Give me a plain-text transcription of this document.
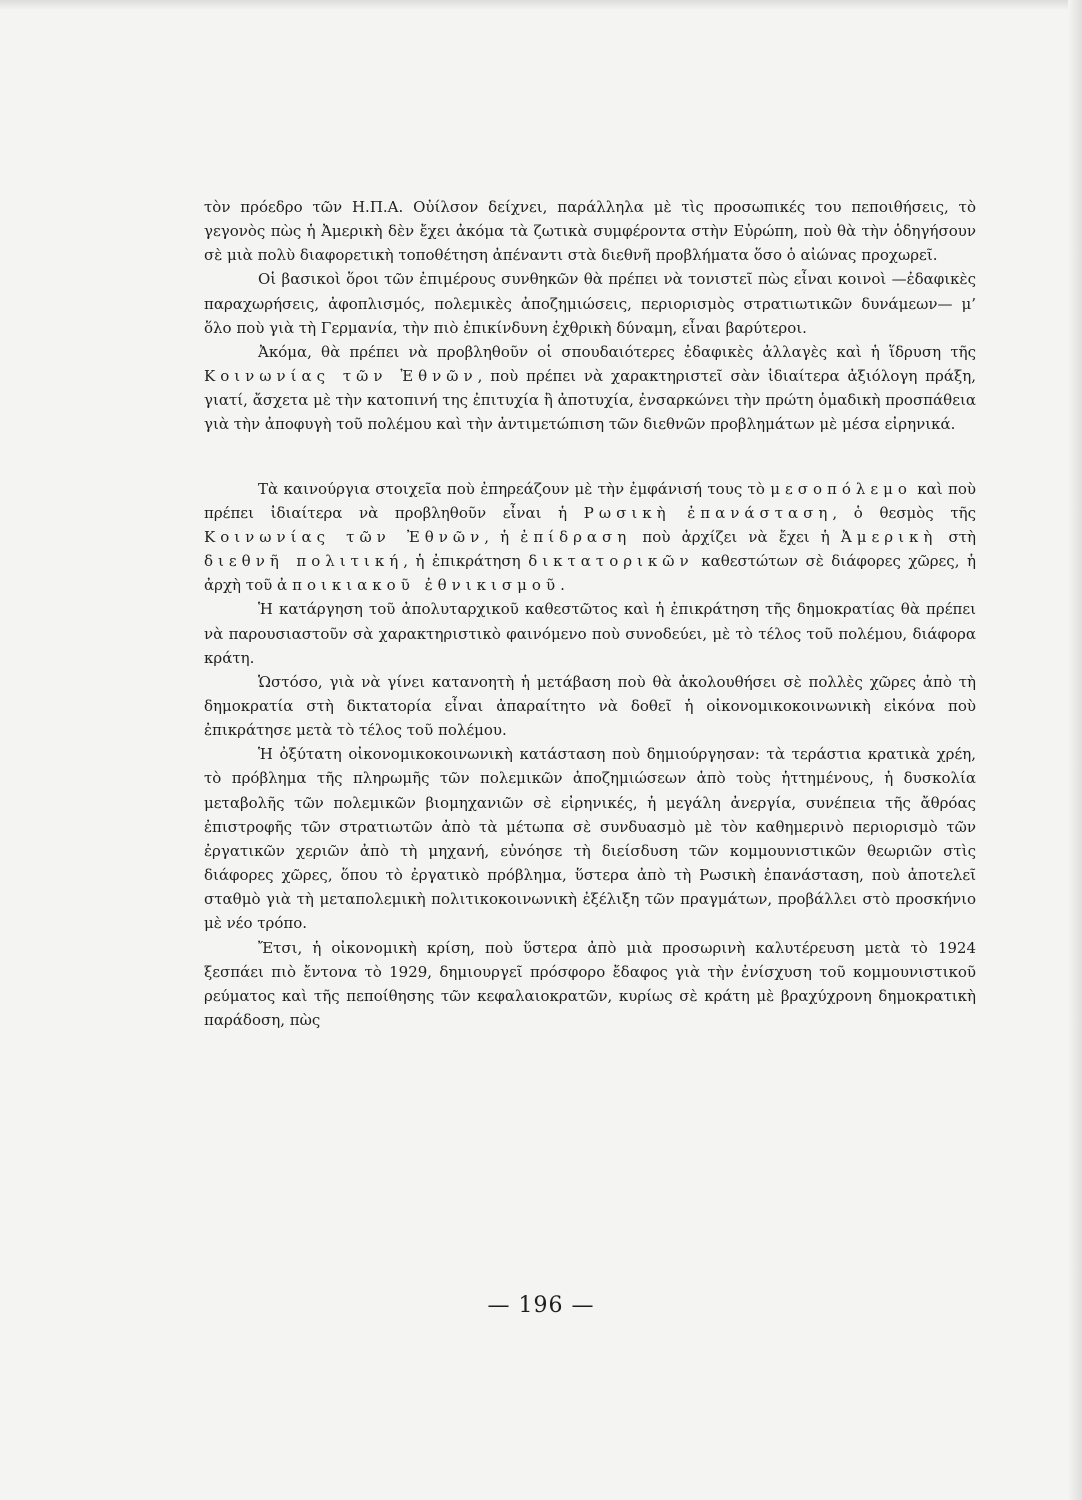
τὸν πρόεδρο τῶν Η.Π.Α. Οὐίλσον δείχνει, παράλληλα μὲ τὶς προσωπικές του πεποιθήσεις, τὸ γεγονὸς πὼς ἡ Ἀμερικὴ δὲν ἔχει ἀκόμα τὰ ζωτικὰ συμφέροντα στὴν Εὐρώπη, ποὺ θὰ τὴν ὁδηγήσουν σὲ μιὰ πολὺ διαφορετικὴ τοποθέτηση ἀπέναντι στὰ διεθνῆ προβλήματα ὅσο ὁ αἰώνας προχωρεῖ.

Οἱ βασικοὶ ὅροι τῶν ἐπιμέρους συνθηκῶν θὰ πρέπει νὰ τονιστεῖ πὼς εἶναι κοινοὶ —ἐδαφικὲς παραχωρήσεις, ἀφοπλισμός, πολεμικὲς ἀποζημιώσεις, περιορισμὸς στρατιωτικῶν δυνάμεων— μ’ ὅλο ποὺ γιὰ τὴ Γερμανία, τὴν πιὸ ἐπικίνδυνη ἐχθρικὴ δύναμη, εἶναι βαρύτεροι.

Ἀκόμα, θὰ πρέπει νὰ προβληθοῦν οἱ σπουδαιότερες ἐδαφικὲς ἀλλαγὲς καὶ ἡ ἵδρυση τῆς Κοινωνίας τῶν Ἐθνῶν, ποὺ πρέπει νὰ χαρακτηριστεῖ σὰν ἰδιαίτερα ἀξιόλογη πράξη, γιατί, ἄσχετα μὲ τὴν κατοπινή της ἐπιτυχία ἢ ἀποτυχία, ἐνσαρκώνει τὴν πρώτη ὁμαδικὴ προσπάθεια γιὰ τὴν ἀποφυγὴ τοῦ πολέμου καὶ τὴν ἀντιμετώπιση τῶν διεθνῶν προβλημάτων μὲ μέσα εἰρηνικά.

Τὰ καινούργια στοιχεῖα ποὺ ἐπηρεάζουν μὲ τὴν ἐμφάνισή τους τὸ μεσοπόλεμο καὶ ποὺ πρέπει ἰδιαίτερα νὰ προβληθοῦν εἶναι ἡ Ρωσικὴ ἐπανάσταση, ὁ θεσμὸς τῆς Κοινωνίας τῶν Ἐθνῶν, ἡ ἐπίδραση ποὺ ἀρχίζει νὰ ἔχει ἡ Ἀμερικὴ στὴ διεθνῆ πολιτική, ἡ ἐπικράτηση δικτατορικῶν καθεστώτων σὲ διάφορες χῶρες, ἡ ἀρχὴ τοῦ ἀποικιακοῦ ἐθνικισμοῦ.

Ἡ κατάργηση τοῦ ἀπολυταρχικοῦ καθεστῶτος καὶ ἡ ἐπικράτηση τῆς δημοκρατίας θὰ πρέπει νὰ παρουσιαστοῦν σὰ χαρακτηριστικὸ φαινόμενο ποὺ συνοδεύει, μὲ τὸ τέλος τοῦ πολέμου, διάφορα κράτη.

Ὡστόσο, γιὰ νὰ γίνει κατανοητὴ ἡ μετάβαση ποὺ θὰ ἀκολουθήσει σὲ πολλὲς χῶρες ἀπὸ τὴ δημοκρατία στὴ δικτατορία εἶναι ἀπαραίτητο νὰ δοθεῖ ἡ οἰκονομικοκοινωνικὴ εἰκόνα ποὺ ἐπικράτησε μετὰ τὸ τέλος τοῦ πολέμου.

Ἡ ὀξύτατη οἰκονομικοκοινωνικὴ κατάσταση ποὺ δημιούργησαν: τὰ τεράστια κρατικὰ χρέη, τὸ πρόβλημα τῆς πληρωμῆς τῶν πολεμικῶν ἀποζημιώσεων ἀπὸ τοὺς ἡττημένους, ἡ δυσκολία μεταβολῆς τῶν πολεμικῶν βιομηχανιῶν σὲ εἰρηνικές, ἡ μεγάλη ἀνεργία, συνέπεια τῆς ἄθρόας ἐπιστροφῆς τῶν στρατιωτῶν ἀπὸ τὰ μέτωπα σὲ συνδυασμὸ μὲ τὸν καθημερινὸ περιορισμὸ τῶν ἐργατικῶν χεριῶν ἀπὸ τὴ μηχανή, εὐνόησε τὴ διείσδυση τῶν κομμουνιστικῶν θεωριῶν στὶς διάφορες χῶρες, ὅπου τὸ ἐργατικὸ πρόβλημα, ὕστερα ἀπὸ τὴ Ρωσικὴ ἐπανάσταση, ποὺ ἀποτελεῖ σταθμὸ γιὰ τὴ μεταπολεμικὴ πολιτικοκοινωνικὴ ἐξέλιξη τῶν πραγμάτων, προβάλλει στὸ προσκήνιο μὲ νέο τρόπο.

Ἔτσι, ἡ οἰκονομικὴ κρίση, ποὺ ὕστερα ἀπὸ μιὰ προσωρινὴ καλυτέρευση μετὰ τὸ 1924 ξεσπάει πιὸ ἔντονα τὸ 1929, δημιουργεῖ πρόσφορο ἔδαφος γιὰ τὴν ἐνίσχυση τοῦ κομμουνιστικοῦ ρεύματος καὶ τῆς πεποίθησης τῶν κεφαλαιοκρατῶν, κυρίως σὲ κράτη μὲ βραχύχρονη δημοκρατικὴ παράδοση, πὼς

— 196 —
